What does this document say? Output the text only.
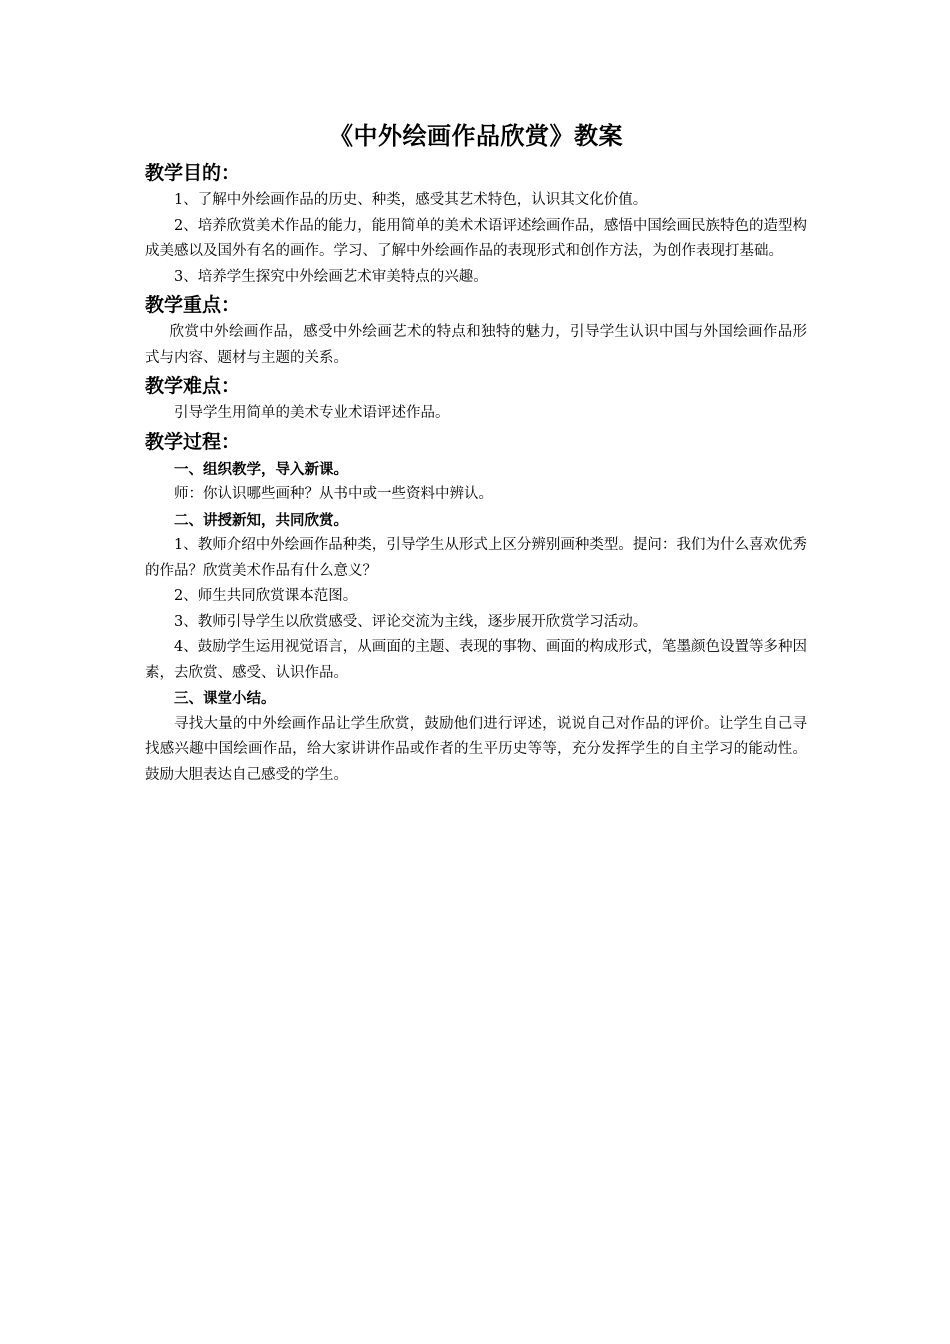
《中外绘画作品欣赏》教案
教学目的：

1、了解中外绘画作品的历史、种类，感受其艺术特色，认识其文化价值。

2、培养欣赏美术作品的能力，能用简单的美术术语评述绘画作品，感悟中国绘画民族特色的造型构成美感以及国外有名的画作。学习、了解中外绘画作品的表现形式和创作方法，为创作表现打基础。

3、培养学生探究中外绘画艺术审美特点的兴趣。

教学重点：

欣赏中外绘画作品，感受中外绘画艺术的特点和独特的魅力，引导学生认识中国与外国绘画作品形式与内容、题材与主题的关系。

教学难点：

引导学生用简单的美术专业术语评述作品。

教学过程：

一、组织教学，导入新课。

师：你认识哪些画种？从书中或一些资料中辨认。

二、讲授新知，共同欣赏。

1、教师介绍中外绘画作品种类，引导学生从形式上区分辨别画种类型。提问：我们为什么喜欢优秀的作品？欣赏美术作品有什么意义？

2、师生共同欣赏课本范图。

3、教师引导学生以欣赏感受、评论交流为主线，逐步展开欣赏学习活动。

4、鼓励学生运用视觉语言，从画面的主题、表现的事物、画面的构成形式，笔墨颜色设置等多种因素，去欣赏、感受、认识作品。

三、课堂小结。

寻找大量的中外绘画作品让学生欣赏，鼓励他们进行评述，说说自己对作品的评价。让学生自己寻找感兴趣中国绘画作品，给大家讲讲作品或作者的生平历史等等，充分发挥学生的自主学习的能动性。鼓励大胆表达自己感受的学生。
